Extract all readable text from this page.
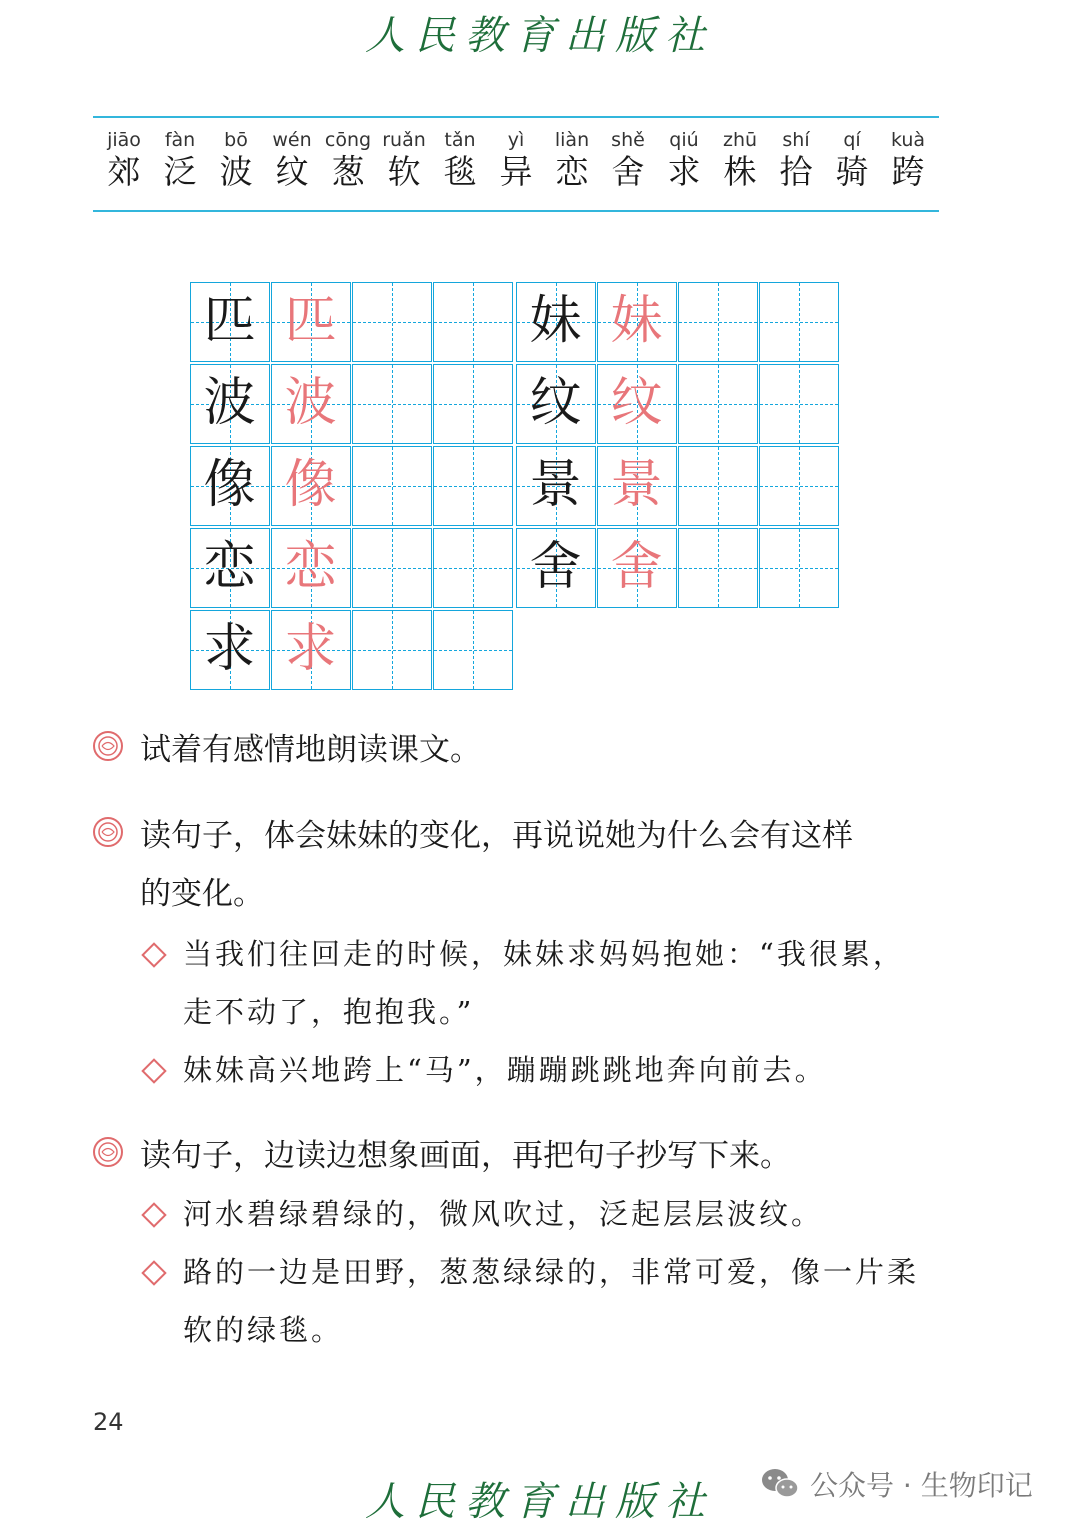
人民教育出版社
jiāo
郊
fàn
泛
bō
波
wén
纹
cōng
葱
ruǎn
软
tǎn
毯
yì
异
liàn
恋
shě
舍
qiú
求
zhū
株
shí
拾
qí
骑
kuà
跨
匹 匹
波 波
像 像
恋 恋
求 求
妹 妹
纹 纹
景 景
舍 舍
试着有感情地朗读课文。
读句子，体会妹妹的变化，再说说她为什么会有这样
的变化。
当我们往回走的时候，妹妹求妈妈抱她：“我很累，
走不动了，抱抱我。”
妹妹高兴地跨上“马”，蹦蹦跳跳地奔向前去。
读句子，边读边想象画面，再把句子抄写下来。
河水碧绿碧绿的，微风吹过，泛起层层波纹。
路的一边是田野，葱葱绿绿的，非常可爱，像一片柔
软的绿毯。
24
人民教育出版社	公众号 · 生物印记
